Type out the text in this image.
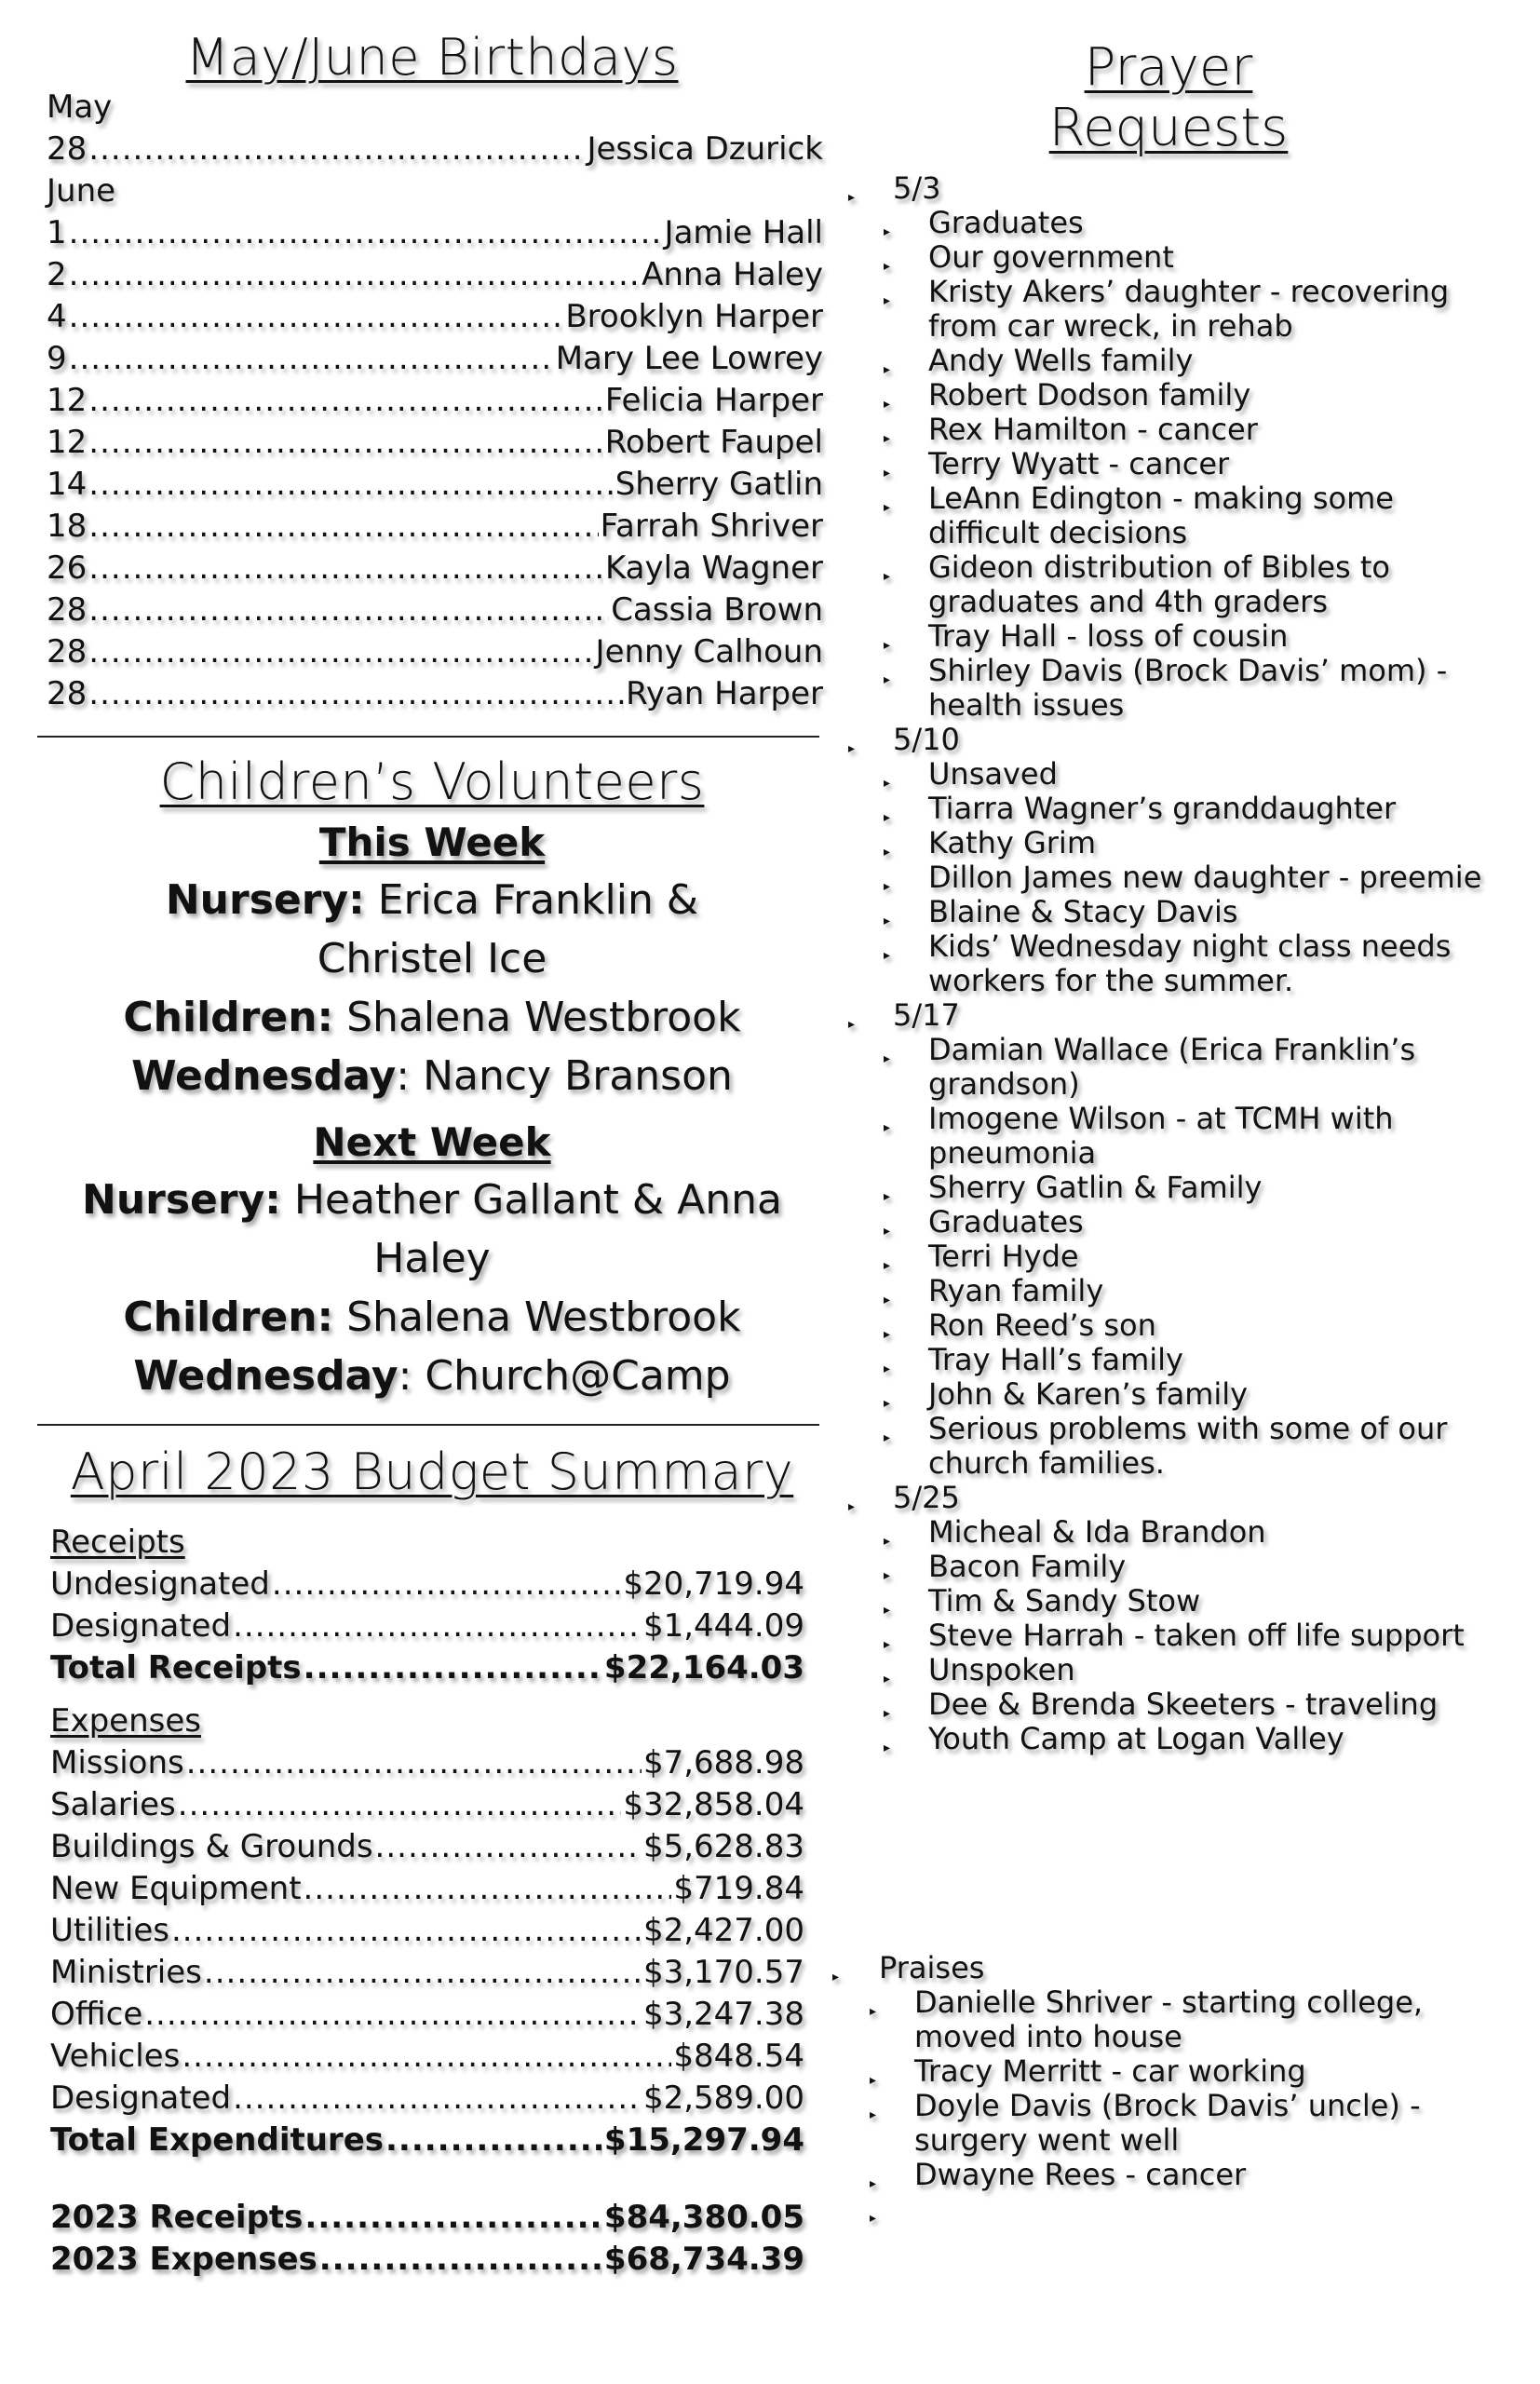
May/June Birthdays
May
28 .....	Jessica Dzurick
June
1 .....	Jamie Hall
2 .....	Anna Haley
4 .....	Brooklyn Harper
9 .....	Mary Lee Lowrey
12 .....	Felicia Harper
12 .....	Robert Faupel
14 .....	Sherry Gatlin
18 .....	Farrah Shriver
26 .....	Kayla Wagner
28 .....	Cassia Brown
28 .....	Jenny Calhoun
28 .....	Ryan Harper
Children’s Volunteers
This Week
Nursery: Erica Franklin &
Christel Ice
Children: Shalena Westbrook
Wednesday: Nancy Branson
Next Week
Nursery: Heather Gallant & Anna
Haley
Children: Shalena Westbrook
Wednesday: Church@Camp
April 2023 Budget Summary
Receipts
Undesignated .....	$20,719.94
Designated .....	$1,444.09
Total Receipts .....	$22,164.03
Expenses
Missions .....	$7,688.98
Salaries .....	$32,858.04
Buildings & Grounds .....	$5,628.83
New Equipment .....	$719.84
Utilities .....	$2,427.00
Ministries .....	$3,170.57
Office .....	$3,247.38
Vehicles .....	$848.54
Designated .....	$2,589.00
Total Expenditures .....	$15,297.94
2023 Receipts .....	$84,380.05
2023 Expenses .....	$68,734.39
Prayer Requests
▸ 5/3
▸ Graduates
▸ Our government
▸ Kristy Akers’ daughter - recovering from car wreck, in rehab
▸ Andy Wells family
▸ Robert Dodson family
▸ Rex Hamilton - cancer
▸ Terry Wyatt - cancer
▸ LeAnn Edington - making some difficult decisions
▸ Gideon distribution of Bibles to graduates and 4th graders
▸ Tray Hall - loss of cousin
▸ Shirley Davis (Brock Davis’ mom) - health issues
▸ 5/10
▸ Unsaved
▸ Tiarra Wagner’s granddaughter
▸ Kathy Grim
▸ Dillon James new daughter - preemie
▸ Blaine & Stacy Davis
▸ Kids’ Wednesday night class needs workers for the summer.
▸ 5/17
▸ Damian Wallace (Erica Franklin’s grandson)
▸ Imogene Wilson - at TCMH with pneumonia
▸ Sherry Gatlin & Family
▸ Graduates
▸ Terri Hyde
▸ Ryan family
▸ Ron Reed’s son
▸ Tray Hall’s family
▸ John & Karen’s family
▸ Serious problems with some of our church families.
▸ 5/25
▸ Micheal & Ida Brandon
▸ Bacon Family
▸ Tim & Sandy Stow
▸ Steve Harrah - taken off life support
▸ Unspoken
▸ Dee & Brenda Skeeters - traveling
▸ Youth Camp at Logan Valley
▸ Praises
▸ Danielle Shriver - starting college, moved into house
▸ Tracy Merritt - car working
▸ Doyle Davis (Brock Davis’ uncle) - surgery went well
▸ Dwayne Rees - cancer
▸
